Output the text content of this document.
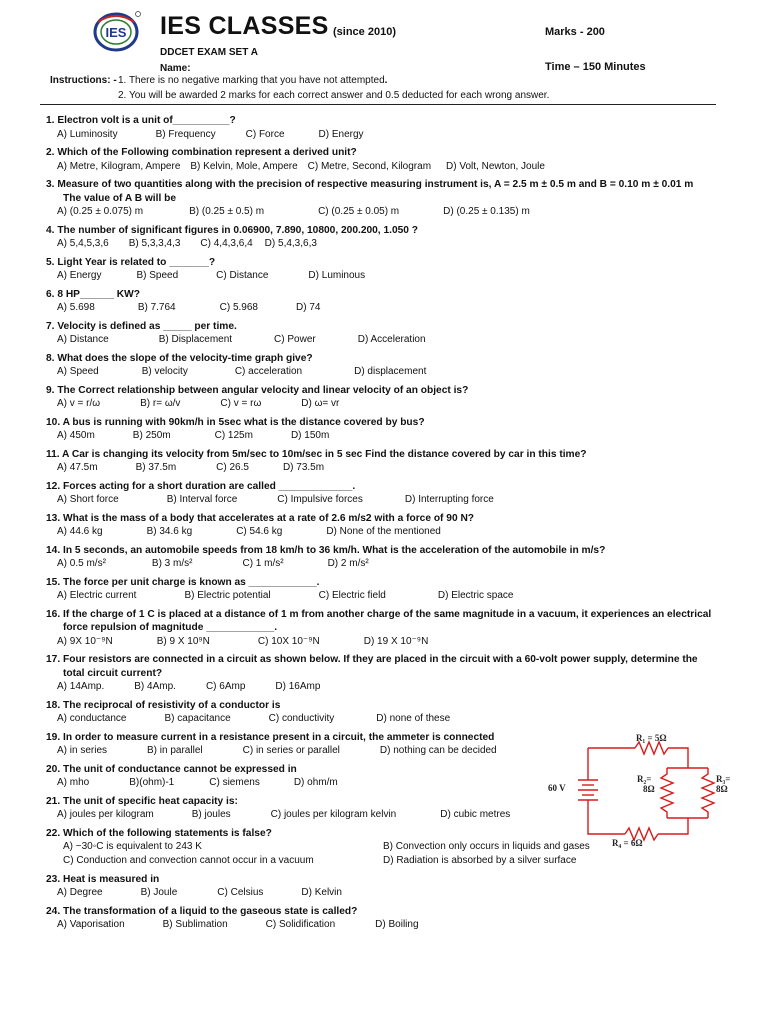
IES IES CLASSES (since 2010)	Marks - 200
DDCET EXAM SET A
Name:	Time – 150 Minutes
Instructions: - 1. There is no negative marking that you have not attempted.
2. You will be awarded 2 marks for each correct answer and 0.5 deducted for each wrong answer.
1. Electron volt is a unit of__________?
A) Luminosity	B) Frequency	C) Force	D) Energy
2. Which of the Following combination represent a derived unit?
A) Metre, Kilogram, Ampere B) Kelvin, Mole, Ampere C) Metre, Second, Kilogram D) Volt, Newton, Joule
3. Measure of two quantities along with the precision of respective measuring instrument is, A = 2.5 m ± 0.5 m and B = 0.10 m ± 0.01 m
The value of A B will be
A) (0.25 ± 0.075) m	B) (0.25 ± 0.5) m	C) (0.25 ± 0.05) m	D) (0.25 ± 0.135) m
4. The number of significant figures in 0.06900, 7.890, 10800, 200.200, 1.050 ?
A) 5,4,5,3,6 B) 5,3,3,4,3 C) 4,4,3,6,4 D) 5,4,3,6,3
5. Light Year is related to _______?
A) Energy	B) Speed	C) Distance	D) Luminous
6. 8 HP______ KW?
A) 5.698	B) 7.764	C) 5.968	D) 74
7. Velocity is defined as _____ per time.
A) Distance	B) Displacement	C) Power	D) Acceleration
8. What does the slope of the velocity-time graph give?
A) Speed	B) velocity	C) acceleration	D) displacement
9. The Correct relationship between angular velocity and linear velocity of an object is?
A) v = r/ω	B) r= ω/v	C) v = rω	D) ω= vr
10. A bus is running with 90km/h in 5sec what is the distance covered by bus?
A) 450m	B) 250m	C) 125m	D) 150m
11. A Car is changing its velocity from 5m/sec to 10m/sec in 5 sec Find the distance covered by car in this time?
A) 47.5m	B) 37.5m	C) 26.5	D) 73.5m
12. Forces acting for a short duration are called _____________.
A) Short force	B) Interval force	C) Impulsive forces	D) Interrupting force
13. What is the mass of a body that accelerates at a rate of 2.6 m/s2 with a force of 90 N?
A) 44.6 kg	B) 34.6 kg	C) 54.6 kg	D) None of the mentioned
14. In 5 seconds, an automobile speeds from 18 km/h to 36 km/h. What is the acceleration of the automobile in m/s?
A) 0.5 m/s²	B) 3 m/s²	C) 1 m/s²	D) 2 m/s²
15. The force per unit charge is known as ____________.
A) Electric current	B) Electric potential	C) Electric field	D) Electric space
16. If the charge of 1 C is placed at a distance of 1 m from another charge of the same magnitude in a vacuum, it experiences an electrical
force repulsion of magnitude ____________.
A) 9X 10⁻⁹N	B) 9 X 10⁹N	C) 10X 10⁻⁹N	D) 19 X 10⁻⁹N
17. Four resistors are connected in a circuit as shown below. If they are placed in the circuit with a 60-volt power supply, determine the
total circuit current?
A) 14Amp.	B) 4Amp.	C) 6Amp	D) 16Amp
18. The reciprocal of resistivity of a conductor is
A) conductance	B) capacitance	C) conductivity	D) none of these
19. In order to measure current in a resistance present in a circuit, the ammeter is connected
A) in series	B) in parallel	C) in series or parallel	D) nothing can be decided
20. The unit of conductance cannot be expressed in
A) mho	B)(ohm)-1	C) siemens	D) ohm/m
21. The unit of specific heat capacity is:
A) joules per kilogram	B) joules	C) joules per kilogram kelvin	D) cubic metres
22. Which of the following statements is false?
A) −30◦C is equivalent to 243 K	B) Convection only occurs in liquids and gases
C) Conduction and convection cannot occur in a vacuum	D) Radiation is absorbed by a silver surface
23. Heat is measured in
A) Degree	B) Joule	C) Celsius	D) Kelvin
24. The transformation of a liquid to the gaseous state is called?
A) Vaporisation	B) Sublimation	C) Solidification	D) Boiling
R₁ = 5Ω
R₂=
8Ω
R₃=
8Ω
R₄ = 6Ω
60 V
